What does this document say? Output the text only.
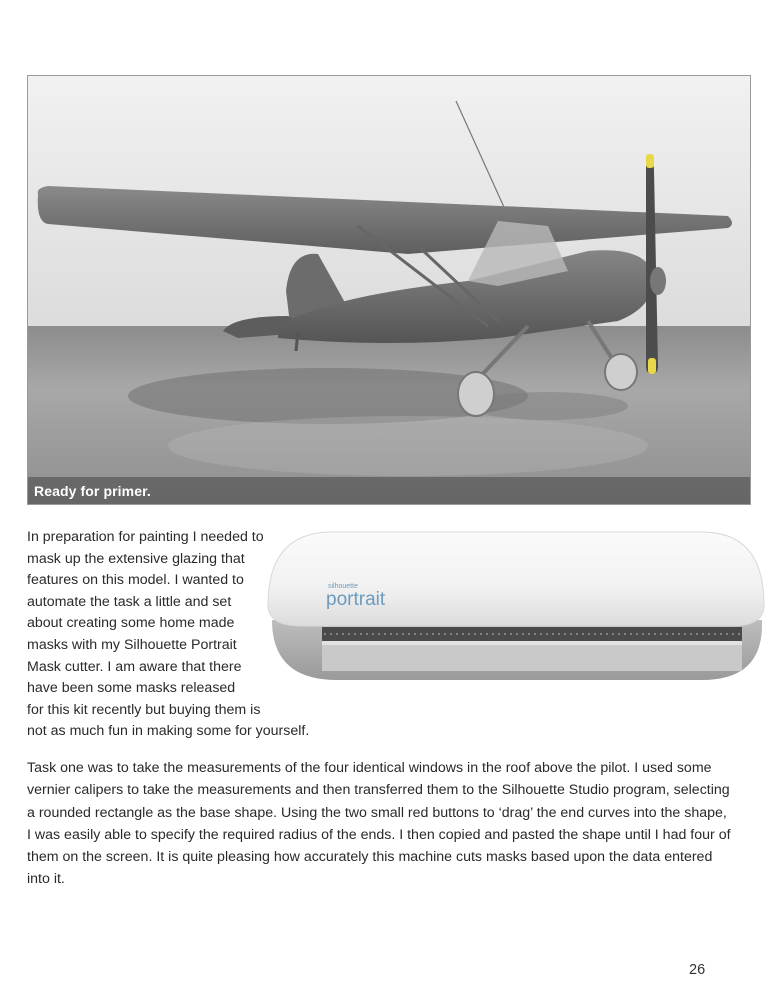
Ready for primer.
In preparation for painting I needed to
mask up the extensive glazing that
features on this model. I wanted to
automate the task a little and set
about creating some home made
masks with my Silhouette Portrait
Mask cutter. I am aware that there
have been some masks released
for this kit recently but buying them is
not as much fun in making some for yourself.
silhouette
portrait
Task one was to take the measurements of the four identical windows in the roof above the pilot. I used some
vernier calipers to take the measurements and then transferred them to the Silhouette Studio program, selecting
a rounded rectangle as the base shape. Using the two small red buttons to ‘drag’ the end curves into the shape,
I was easily able to specify the required radius of the ends. I then copied and pasted the shape until I had four of
them on the screen. It is quite pleasing how accurately this machine cuts masks based upon the data entered
into it.
26
